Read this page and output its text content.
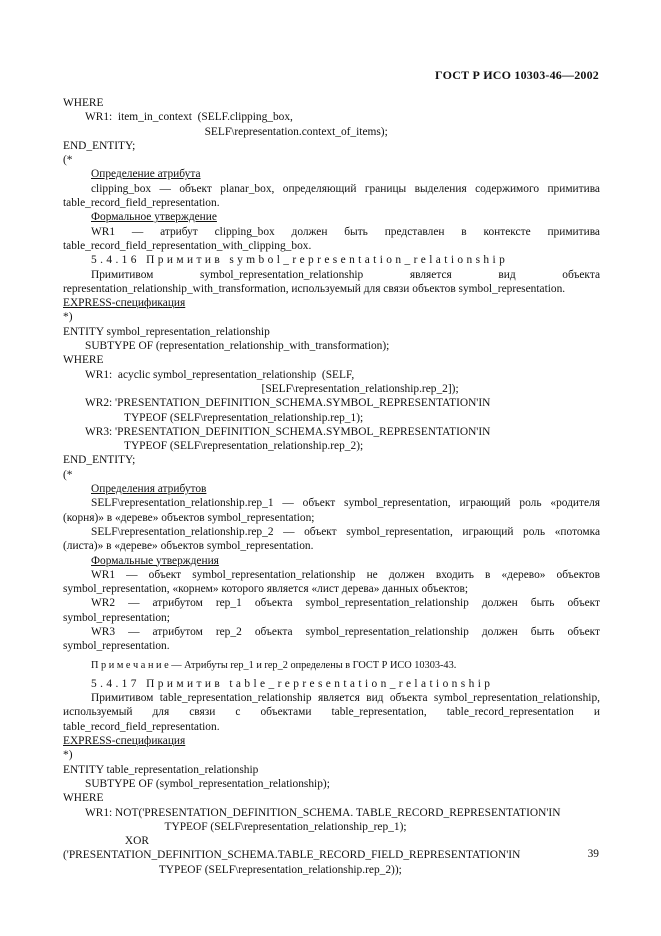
ГОСТ Р ИСО 10303-46—2002
WHERE
WR1:  item_in_context  (SELF.clipping_box,
SELF\representation.context_of_items);
END_ENTITY;
(*
Определение атрибута
clipping_box — объект planar_box, определяющий границы выделения содержимого примитива table_record_field_representation.
Формальное утверждение
WR1 — атрибут clipping_box должен быть представлен в контексте примитива table_record_field_representation_with_clipping_box.
5.4.16 Примитив symbol_representation_relationship
Примитивом symbol_representation_relationship является вид объекта representation_relationship_with_transformation, используемый для связи объектов symbol_representation.
EXPRESS-спецификация
*)
ENTITY symbol_representation_relationship
SUBTYPE OF (representation_relationship_with_transformation);
WHERE
WR1:  acyclic symbol_representation_relationship  (SELF,
[SELF\representation_relationship.rep_2]);
WR2: 'PRESENTATION_DEFINITION_SCHEMA.SYMBOL_REPRESENTATION'IN
TYPEOF (SELF\representation_relationship.rep_1);
WR3: 'PRESENTATION_DEFINITION_SCHEMA.SYMBOL_REPRESENTATION'IN
TYPEOF (SELF\representation_relationship.rep_2);
END_ENTITY;
(*
Определения атрибутов
SELF\representation_relationship.rep_1 — объект symbol_representation, играющий роль «родителя (корня)» в «дереве» объектов symbol_representation;
SELF\representation_relationship.rep_2 — объект symbol_representation, играющий роль «потомка (листа)» в «дереве» объектов symbol_representation.
Формальные утверждения
WR1 — объект symbol_representation_relationship не должен входить в «дерево» объектов symbol_representation, «корнем» которого является «лист дерева» данных объектов;
WR2 — атрибутом rep_1 объекта symbol_representation_relationship должен быть объект symbol_representation;
WR3 — атрибутом rep_2 объекта symbol_representation_relationship должен быть объект symbol_representation.
П р и м е ч а н и е — Атрибуты rep_1 и rep_2 определены в ГОСТ Р ИСО 10303-43.
5.4.17 Примитив table_representation_relationship
Примитивом table_representation_relationship является вид объекта symbol_representation_relationship, используемый для связи с объектами table_representation, table_record_representation и table_record_field_representation.
EXPRESS-спецификация
*)
ENTITY table_representation_relationship
SUBTYPE OF (symbol_representation_relationship);
WHERE
WR1: NOT('PRESENTATION_DEFINITION_SCHEMA. TABLE_RECORD_REPRESENTATION'IN
TYPEOF (SELF\representation_relationship_rep_1);
XOR
('PRESENTATION_DEFINITION_SCHEMA.TABLE_RECORD_FIELD_REPRESENTATION'IN
TYPEOF (SELF\representation_relationship.rep_2));
39
